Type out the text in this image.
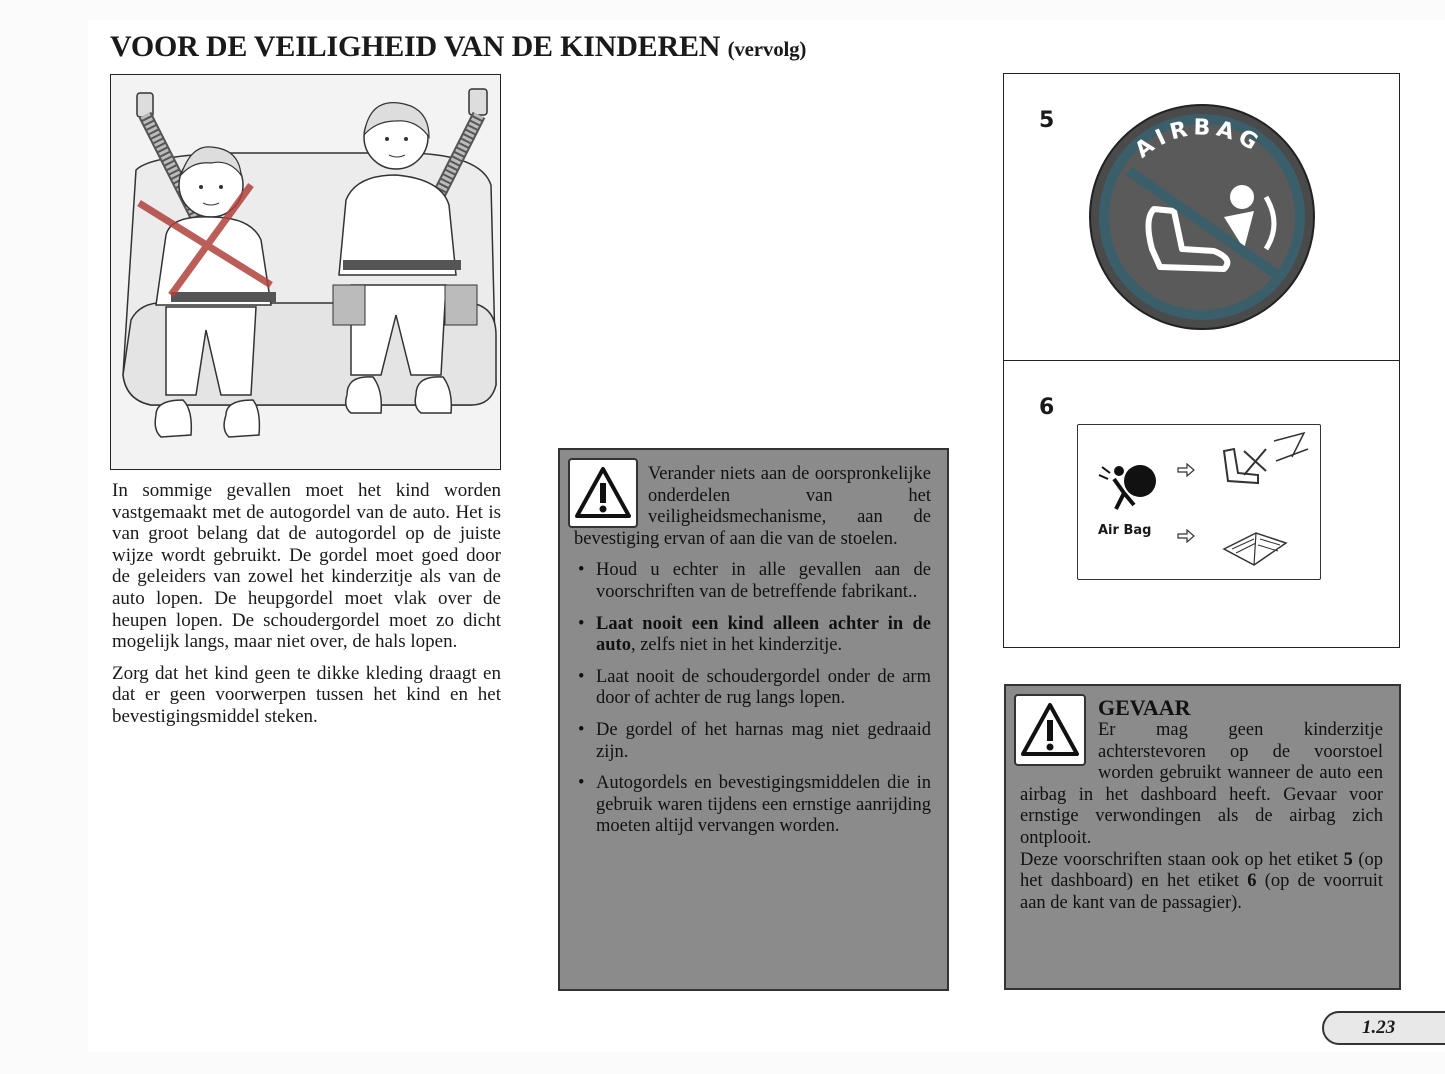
VOOR DE VEILIGHEID VAN DE KINDEREN (vervolg)

In sommige gevallen moet het kind worden vastgemaakt met de autogordel van de auto. Het is van groot belang dat de autogordel op de juiste wijze wordt gebruikt. De gordel moet goed door de geleiders van zowel het kinderzitje als van de auto lopen. De heupgordel moet vlak over de heupen lopen. De schoudergordel moet zo dicht mogelijk langs, maar niet over, de hals lopen.

Zorg dat het kind geen te dikke kleding draagt en dat er geen voorwerpen tussen het kind en het bevestigingsmiddel steken.

Verander niets aan de oorspronkelijke onderdelen van het veiligheidsmechanisme, aan de bevestiging ervan of aan die van de stoelen.

• Houd u echter in alle gevallen aan de voorschriften van de betreffende fabrikant..
• Laat nooit een kind alleen achter in de auto, zelfs niet in het kinderzitje.
• Laat nooit de schoudergordel onder de arm door of achter de rug langs lopen.
• De gordel of het harnas mag niet gedraaid zijn.
• Autogordels en bevestigingsmiddelen die in gebruik waren tijdens een ernstige aanrijding moeten altijd vervangen worden.
5
AIRBAG
6
Air Bag
GEVAAR

Er mag geen kinderzitje achterstevoren op de voorstoel worden gebruikt wanneer de auto een airbag in het dashboard heeft. Gevaar voor ernstige verwondingen als de airbag zich ontplooit.

Deze voorschriften staan ook op het etiket 5 (op het dashboard) en het etiket 6 (op de voorruit aan de kant van de passagier).

1.23
